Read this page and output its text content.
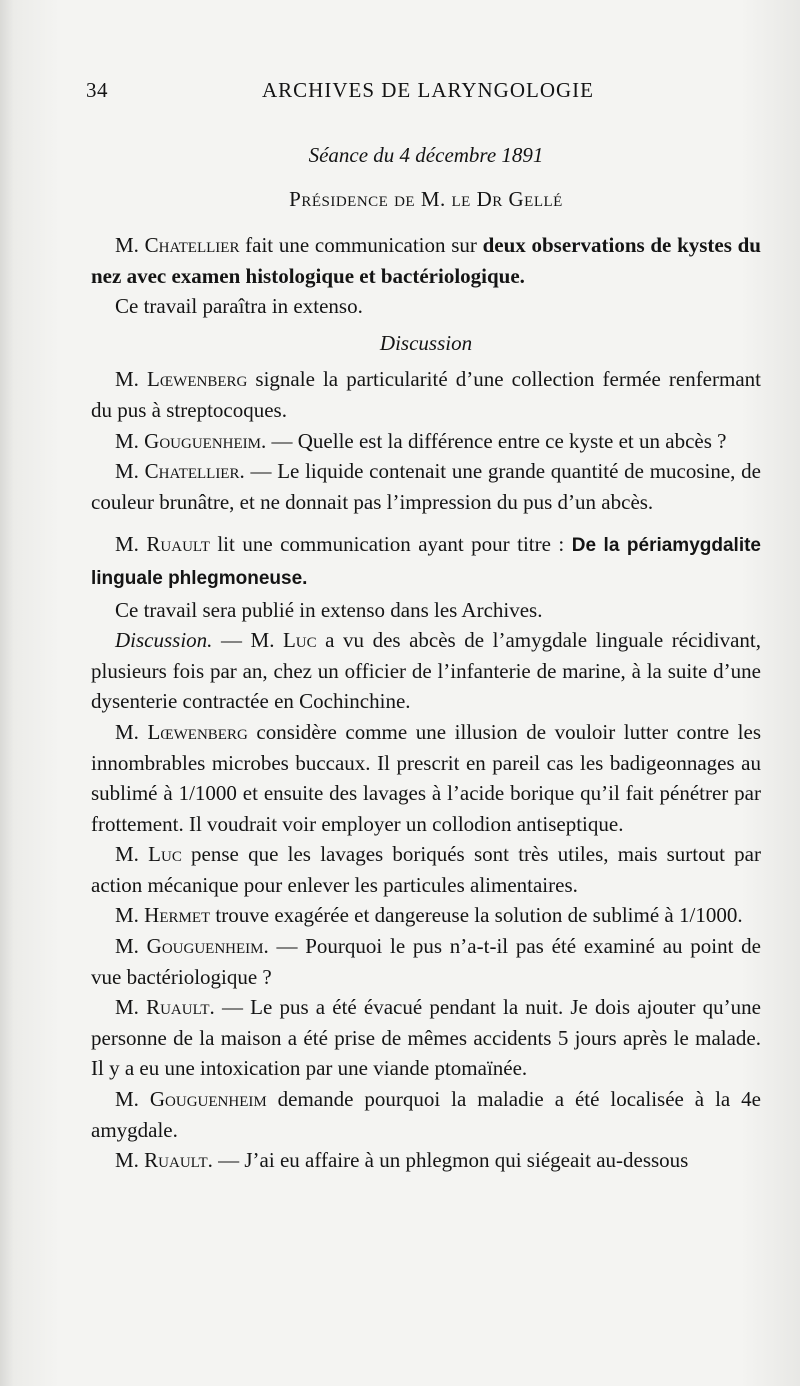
34	ARCHIVES DE LARYNGOLOGIE
Séance du 4 décembre 1891
Présidence de M. le Dr Gellé

M. Chatellier fait une communication sur deux observations de kystes du nez avec examen histologique et bactériologique.

Ce travail paraîtra in extenso.

Discussion

M. Lœwenberg signale la particularité d’une collection fermée renfermant du pus à streptocoques.

M. Gouguenheim. — Quelle est la différence entre ce kyste et un abcès ?

M. Chatellier. — Le liquide contenait une grande quantité de mucosine, de couleur brunâtre, et ne donnait pas l’impression du pus d’un abcès.

M. Ruault lit une communication ayant pour titre : De la périamygdalite linguale phlegmoneuse.

Ce travail sera publié in extenso dans les Archives.

Discussion. — M. Luc a vu des abcès de l’amygdale linguale récidivant, plusieurs fois par an, chez un officier de l’infanterie de marine, à la suite d’une dysenterie contractée en Cochinchine.

M. Lœwenberg considère comme une illusion de vouloir lutter contre les innombrables microbes buccaux. Il prescrit en pareil cas les badigeonnages au sublimé à 1/1000 et ensuite des lavages à l’acide borique qu’il fait pénétrer par frottement. Il voudrait voir employer un collodion antiseptique.

M. Luc pense que les lavages boriqués sont très utiles, mais surtout par action mécanique pour enlever les particules alimentaires.

M. Hermet trouve exagérée et dangereuse la solution de sublimé à 1/1000.

M. Gouguenheim. — Pourquoi le pus n’a-t-il pas été examiné au point de vue bactériologique ?

M. Ruault. — Le pus a été évacué pendant la nuit. Je dois ajouter qu’une personne de la maison a été prise de mêmes accidents 5 jours après le malade. Il y a eu une intoxication par une viande ptomaïnée.

M. Gouguenheim demande pourquoi la maladie a été localisée à la 4e amygdale.

M. Ruault. — J’ai eu affaire à un phlegmon qui siégeait au-dessous
